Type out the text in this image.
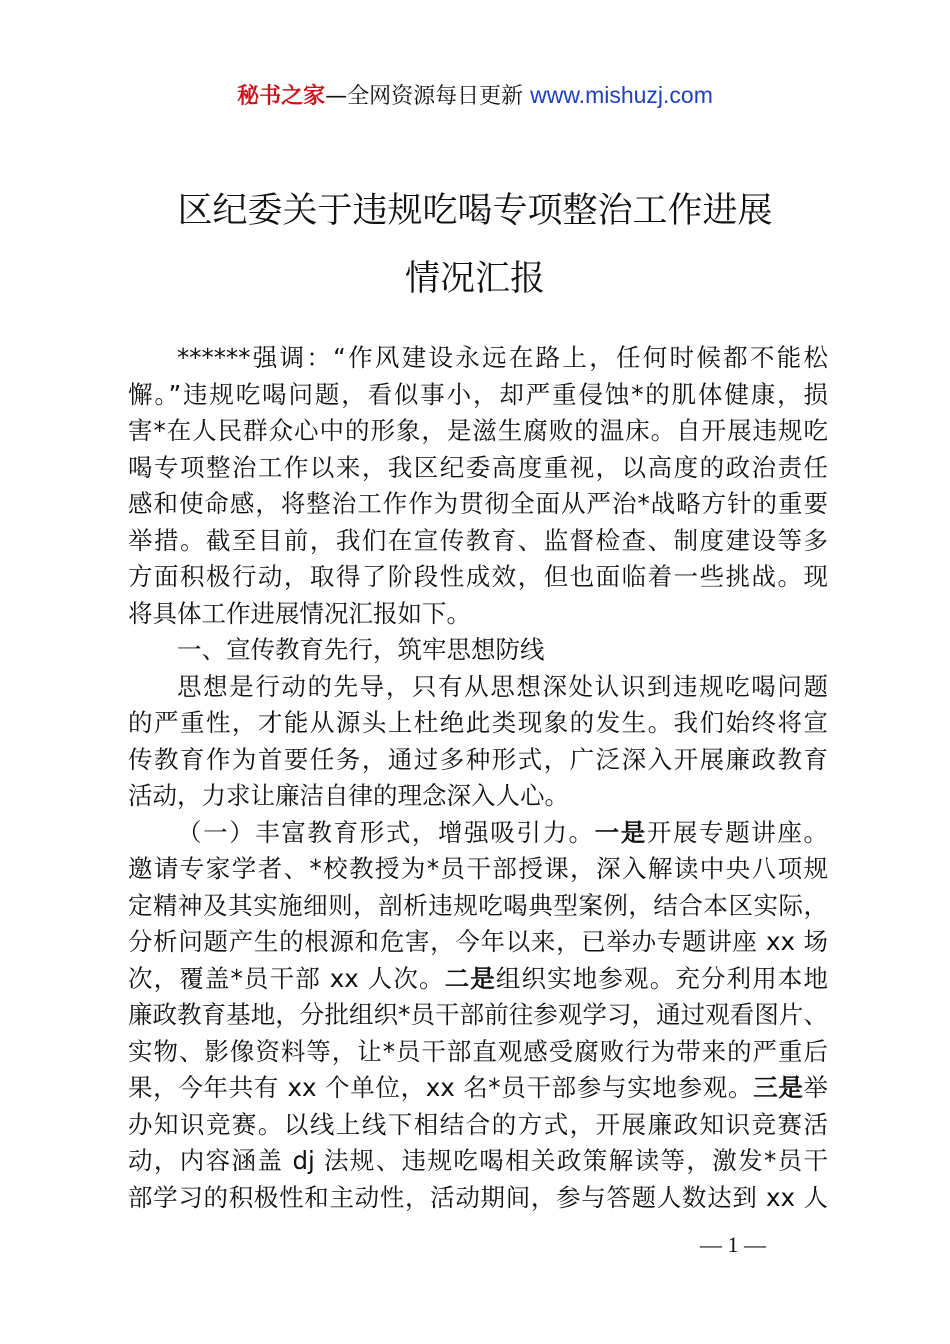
秘书之家—全网资源每日更新 www.mishuzj.com
区纪委关于违规吃喝专项整治工作进展
情况汇报
******强调：“作风建设永远在路上，任何时候都不能松
懈。”违规吃喝问题，看似事小，却严重侵蚀*的肌体健康，损
害*在人民群众心中的形象，是滋生腐败的温床。自开展违规吃
喝专项整治工作以来，我区纪委高度重视，以高度的政治责任
感和使命感，将整治工作作为贯彻全面从严治*战略方针的重要
举措。截至目前，我们在宣传教育、监督检查、制度建设等多
方面积极行动，取得了阶段性成效，但也面临着一些挑战。现
将具体工作进展情况汇报如下。
一、宣传教育先行，筑牢思想防线
思想是行动的先导，只有从思想深处认识到违规吃喝问题
的严重性，才能从源头上杜绝此类现象的发生。我们始终将宣
传教育作为首要任务，通过多种形式，广泛深入开展廉政教育
活动，力求让廉洁自律的理念深入人心。
（一）丰富教育形式，增强吸引力。一是开展专题讲座。
邀请专家学者、*校教授为*员干部授课，深入解读中央八项规
定精神及其实施细则，剖析违规吃喝典型案例，结合本区实际，
分析问题产生的根源和危害，今年以来，已举办专题讲座 xx 场
次，覆盖*员干部 xx 人次。二是组织实地参观。充分利用本地
廉政教育基地，分批组织*员干部前往参观学习，通过观看图片、
实物、影像资料等，让*员干部直观感受腐败行为带来的严重后
果，今年共有 xx 个单位，xx 名*员干部参与实地参观。三是举
办知识竞赛。以线上线下相结合的方式，开展廉政知识竞赛活
动，内容涵盖 dj 法规、违规吃喝相关政策解读等，激发*员干
部学习的积极性和主动性，活动期间，参与答题人数达到 xx 人
— 1 —
